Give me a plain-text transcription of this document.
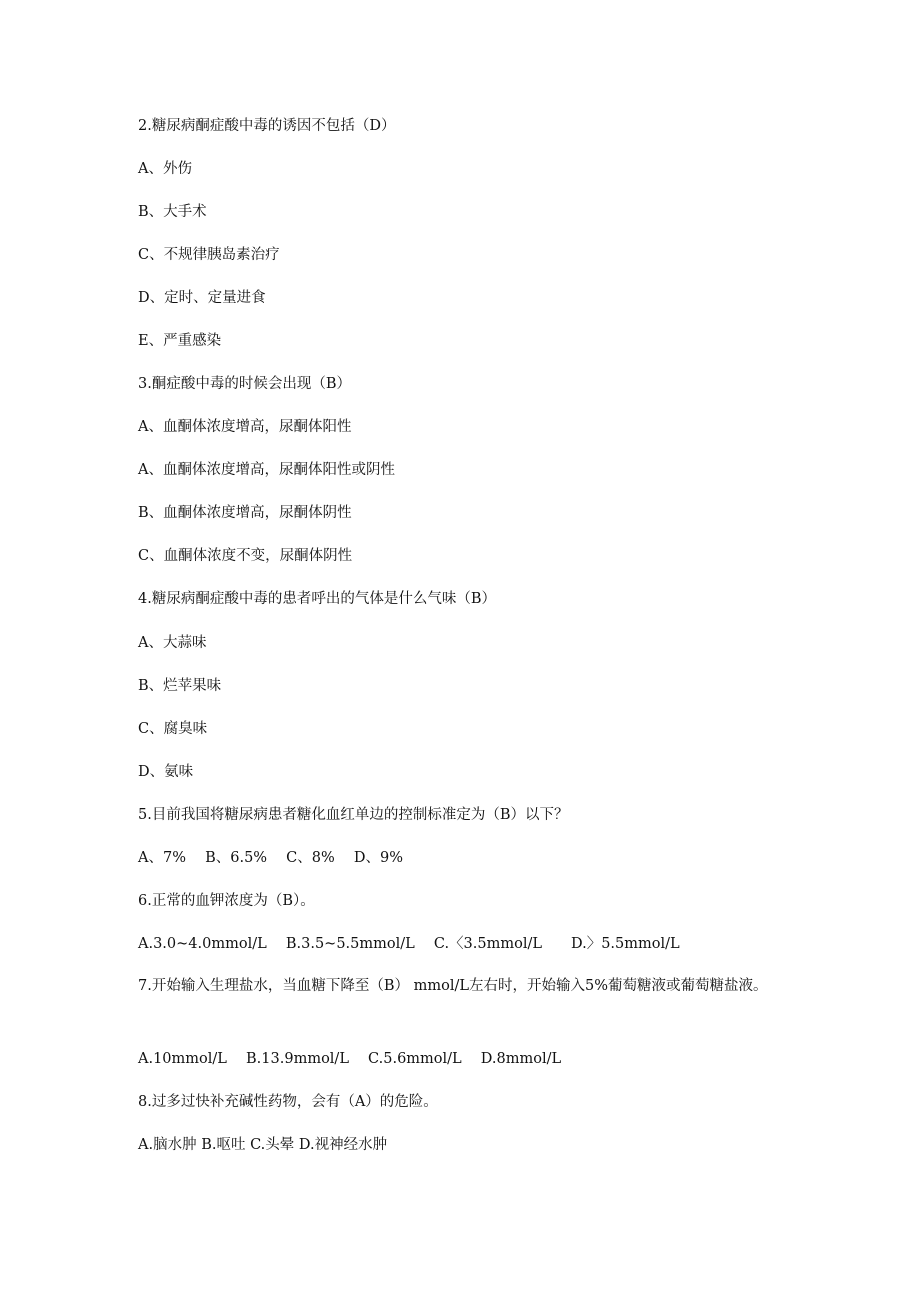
2.糖尿病酮症酸中毒的诱因不包括（D）
A、外伤
B、大手术
C、不规律胰岛素治疗
D、定时、定量进食
E、严重感染
3.酮症酸中毒的时候会出现（B）
A、血酮体浓度增高，尿酮体阳性
A、血酮体浓度增高，尿酮体阳性或阴性
B、血酮体浓度增高，尿酮体阴性
C、血酮体浓度不变，尿酮体阴性
4.糖尿病酮症酸中毒的患者呼出的气体是什么气味（B）
A、大蒜味
B、烂苹果味
C、腐臭味
D、氨味
5.目前我国将糖尿病患者糖化血红单边的控制标准定为（B）以下？
A、7%　 B、6.5%　 C、8%　 D、9%
6.正常的血钾浓度为（B）。
A.3.0~4.0mmol/L　 B.3.5~5.5mmol/L　 C.〈3.5mmol/L　　D.〉5.5mmol/L
7.开始输入生理盐水，当血糖下降至（B） mmol/L左右时，开始输入5%葡萄糖液或葡萄糖盐液。
A.10mmol/L　 B.13.9mmol/L　 C.5.6mmol/L　 D.8mmol/L
8.过多过快补充碱性药物，会有（A）的危险。
A.脑水肿 B.呕吐 C.头晕 D.视神经水肿
